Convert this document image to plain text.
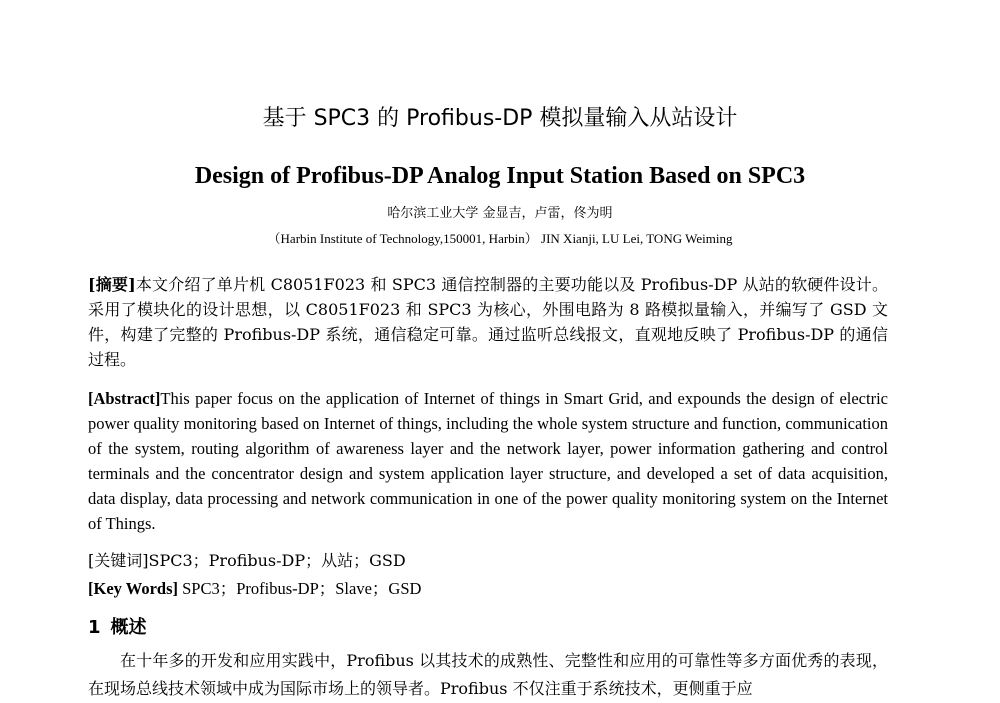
基于 SPC3 的 Profibus-DP 模拟量输入从站设计
Design of Profibus-DP Analog Input Station Based on SPC3
哈尔滨工业大学 金显吉，卢雷，佟为明
（Harbin Institute of Technology,150001, Harbin） JIN Xianji, LU Lei, TONG Weiming
[摘要]本文介绍了单片机 C8051F023 和 SPC3 通信控制器的主要功能以及 Profibus-DP 从站的软硬件设计。采用了模块化的设计思想，以 C8051F023 和 SPC3 为核心，外围电路为 8 路模拟量输入，并编写了 GSD 文件，构建了完整的 Profibus-DP 系统，通信稳定可靠。通过监听总线报文，直观地反映了 Profibus-DP 的通信过程。
[Abstract]This paper focus on the application of Internet of things in Smart Grid, and expounds the design of electric power quality monitoring based on Internet of things, including the whole system structure and function, communication of the system, routing algorithm of awareness layer and the network layer, power information gathering and control terminals and the concentrator design and system application layer structure, and developed a set of data acquisition, data display, data processing and network communication in one of the power quality monitoring system on the Internet of Things.
[关键词]SPC3；Profibus-DP；从站；GSD
[Key Words] SPC3；Profibus-DP；Slave；GSD
1 概述
在十年多的开发和应用实践中，Profibus 以其技术的成熟性、完整性和应用的可靠性等多方面优秀的表现，在现场总线技术领域中成为国际市场上的领导者。Profibus 不仅注重于系统技术，更侧重于应
